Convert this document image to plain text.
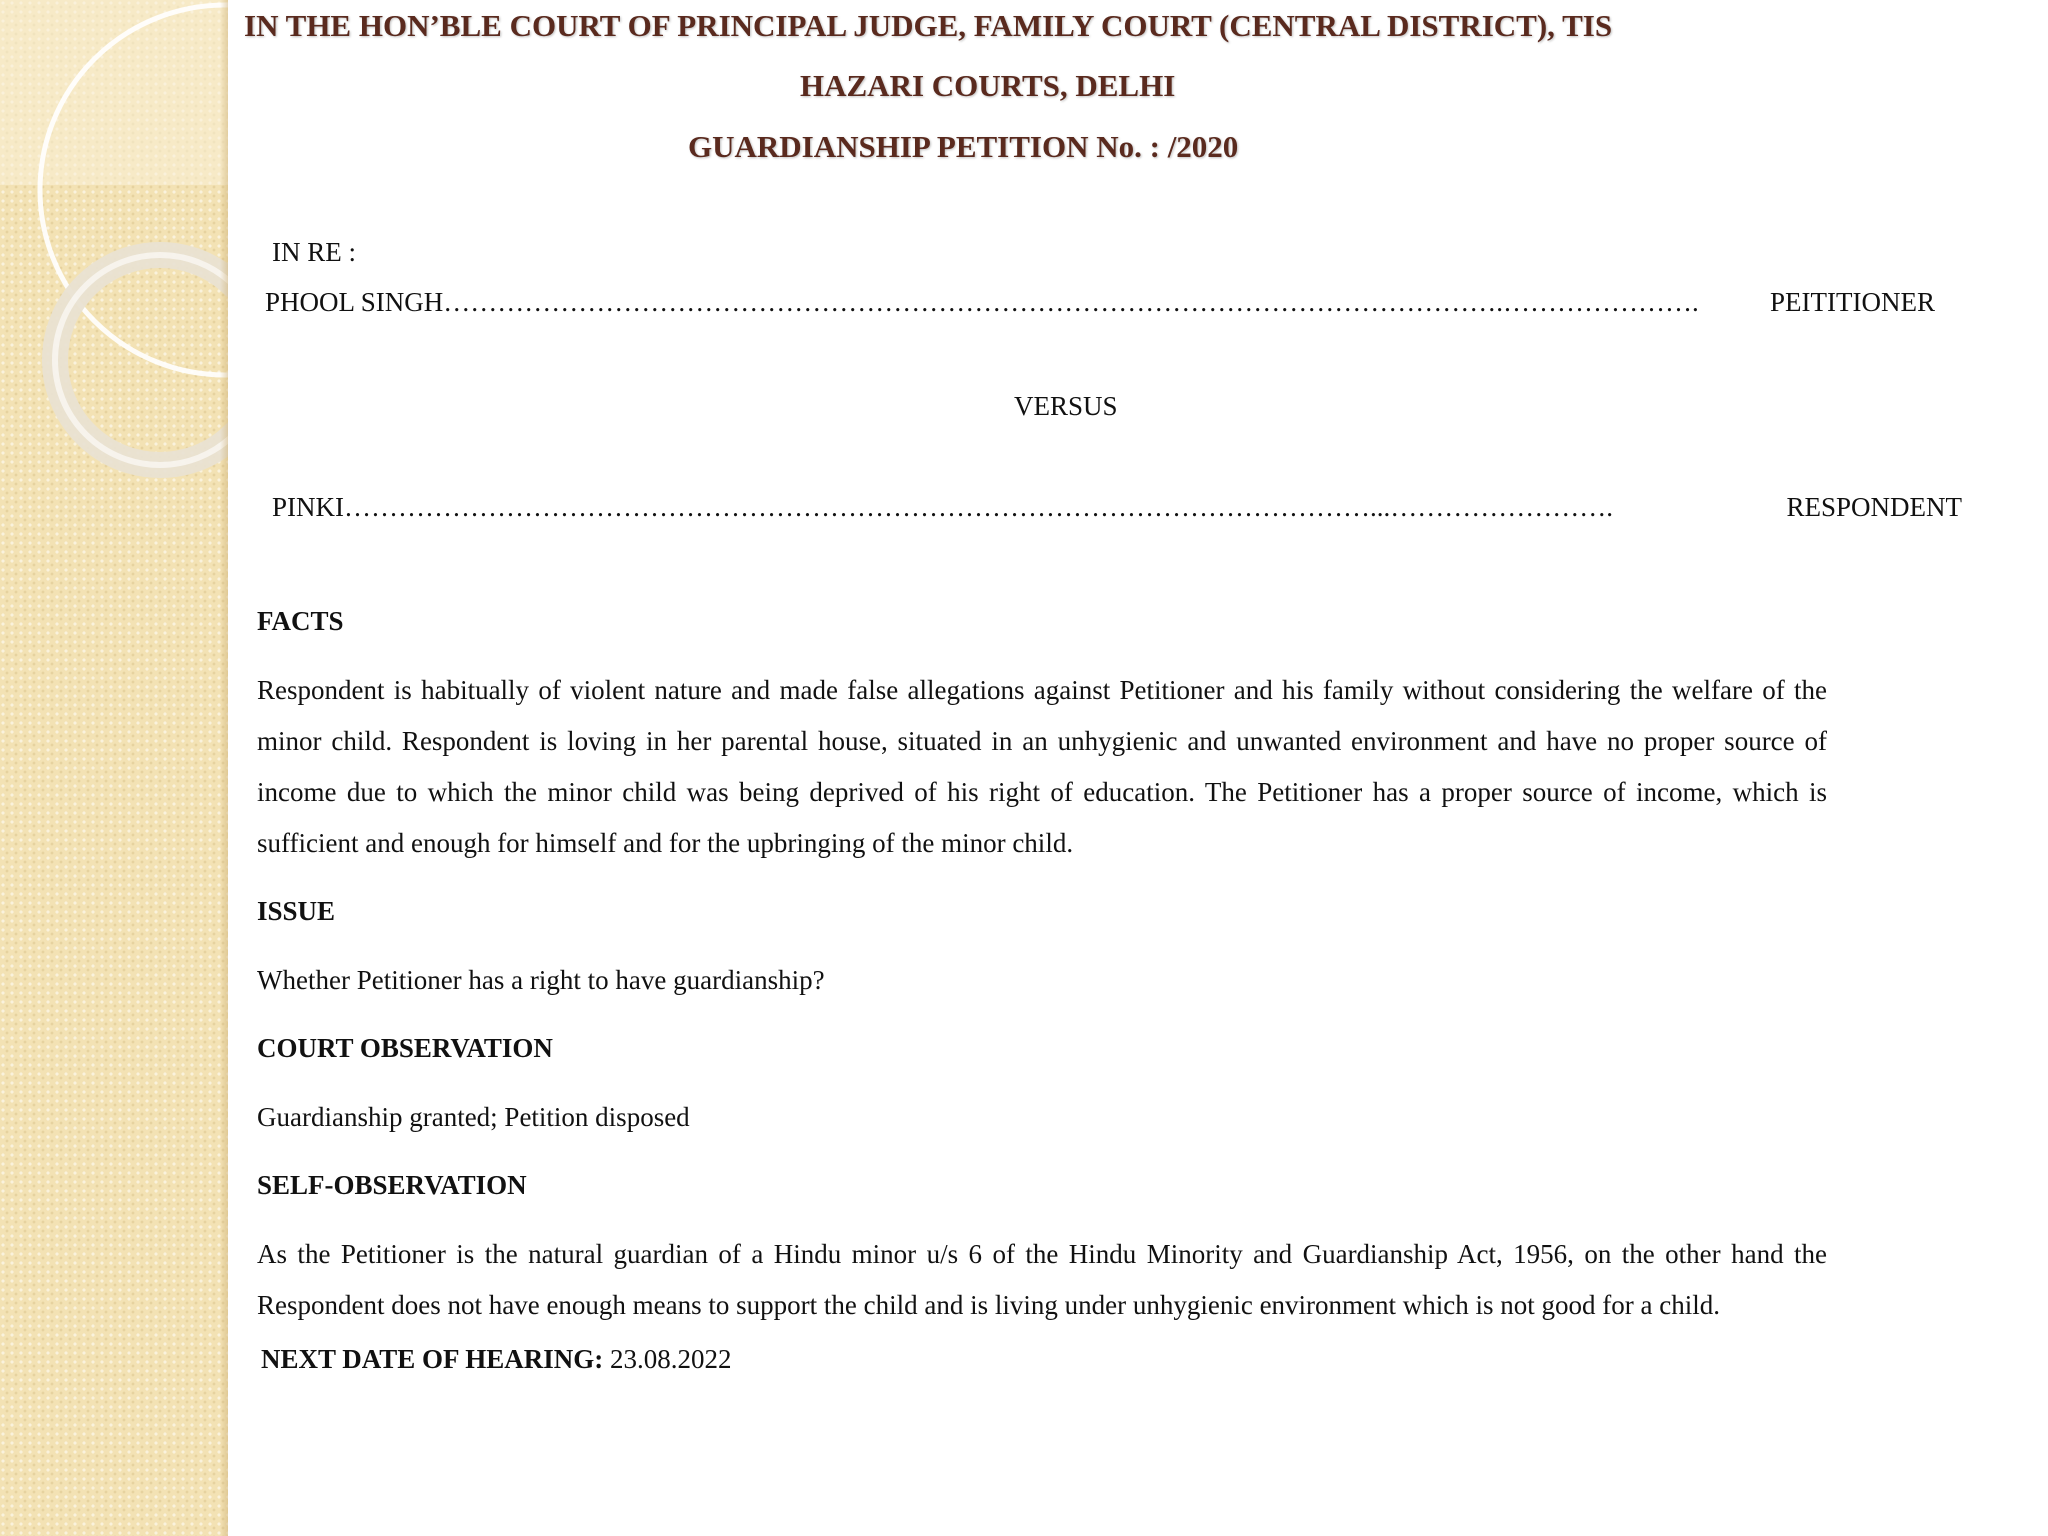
IN THE HON’BLE COURT OF PRINCIPAL JUDGE, FAMILY COURT (CENTRAL DISTRICT), TIS
HAZARI COURTS, DELHI
GUARDIANSHIP PETITION No. : /2020
IN RE :
PHOOL SINGH ……………………………………………………………………………………………………….………………….	PEITITIONER
VERSUS
PINKI ……………………………………………………………………………………………………...…………………….	RESPONDENT
FACTS
Respondent is habitually of violent nature and made false allegations against Petitioner and his family without considering the welfare of the minor child. Respondent is loving in her parental house, situated in an unhygienic and unwanted environment and have no proper source of income due to which the minor child was being deprived of his right of education. The Petitioner has a proper source of income, which is sufficient and enough for himself and for the upbringing of the minor child.
ISSUE
Whether Petitioner has a right to have guardianship?
COURT OBSERVATION
Guardianship granted; Petition disposed
SELF-OBSERVATION
As the Petitioner is the natural guardian of a Hindu minor u/s 6 of the Hindu Minority and Guardianship Act, 1956, on the other hand the Respondent does not have enough means to support the child and is living under unhygienic environment which is not good for a child.
NEXT DATE OF HEARING: 23.08.2022
